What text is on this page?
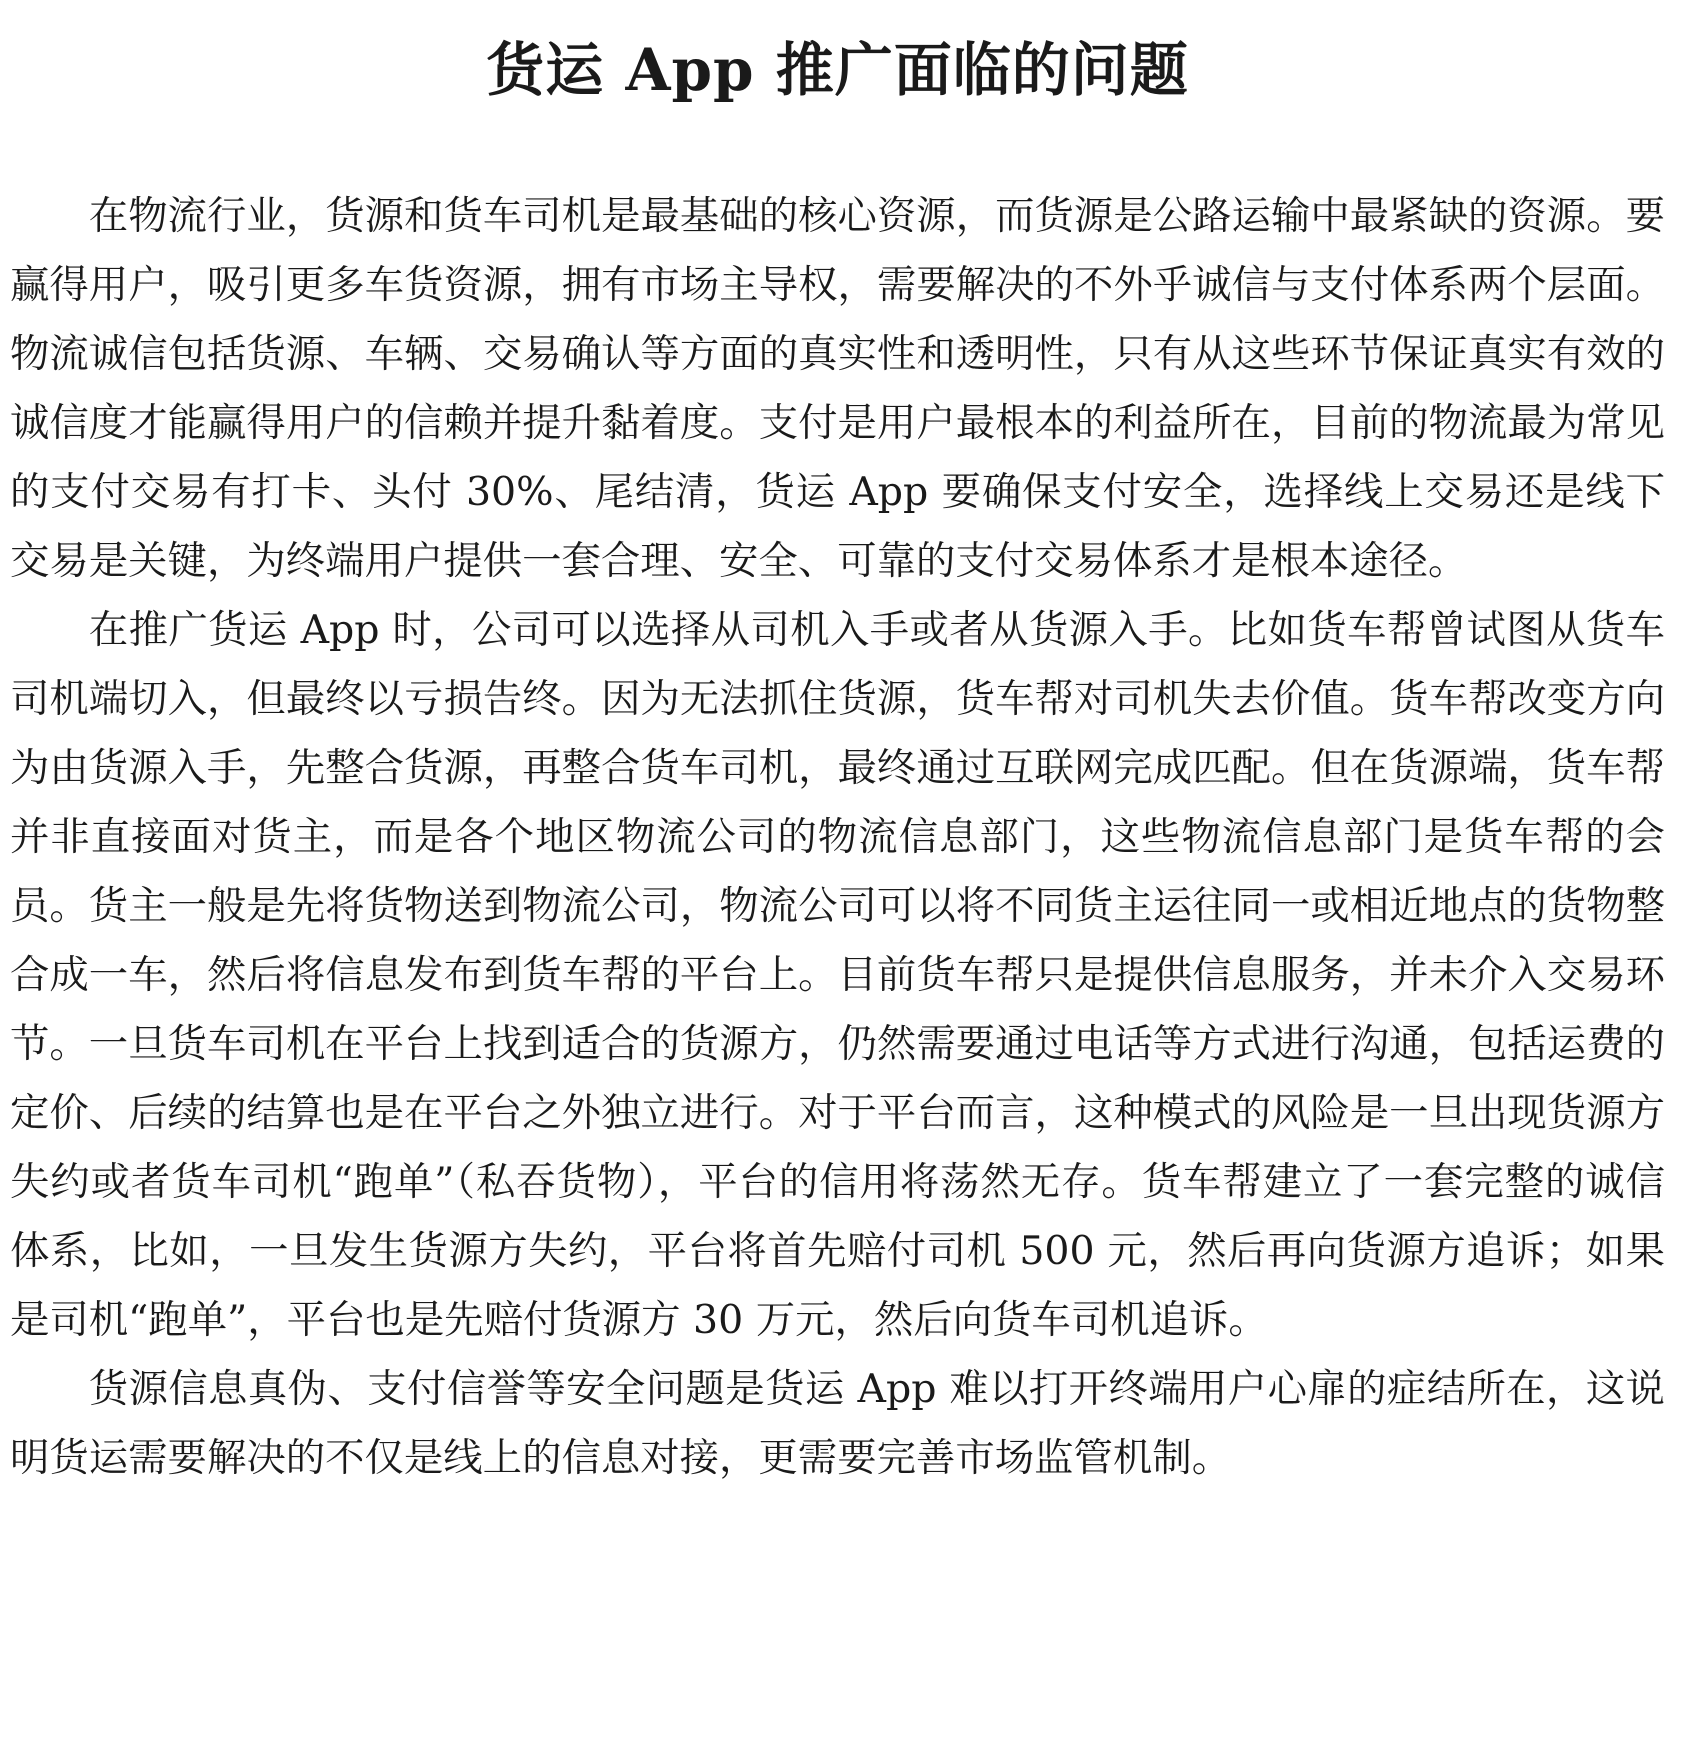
货运 App 推广面临的问题

在物流行业，货源和货车司机是最基础的核心资源，而货源是公路运输中最紧缺的资源。要赢得用户，吸引更多车货资源，拥有市场主导权，需要解决的不外乎诚信与支付体系两个层面。物流诚信包括货源、车辆、交易确认等方面的真实性和透明性，只有从这些环节保证真实有效的诚信度才能赢得用户的信赖并提升黏着度。支付是用户最根本的利益所在，目前的物流最为常见的支付交易有打卡、头付 30%、尾结清，货运 App 要确保支付安全，选择线上交易还是线下交易是关键，为终端用户提供一套合理、安全、可靠的支付交易体系才是根本途径。

在推广货运 App 时，公司可以选择从司机入手或者从货源入手。比如货车帮曾试图从货车司机端切入，但最终以亏损告终。因为无法抓住货源，货车帮对司机失去价值。货车帮改变方向为由货源入手，先整合货源，再整合货车司机，最终通过互联网完成匹配。但在货源端，货车帮并非直接面对货主，而是各个地区物流公司的物流信息部门，这些物流信息部门是货车帮的会员。货主一般是先将货物送到物流公司，物流公司可以将不同货主运往同一或相近地点的货物整合成一车，然后将信息发布到货车帮的平台上。目前货车帮只是提供信息服务，并未介入交易环节。一旦货车司机在平台上找到适合的货源方，仍然需要通过电话等方式进行沟通，包括运费的定价、后续的结算也是在平台之外独立进行。对于平台而言，这种模式的风险是一旦出现货源方失约或者货车司机“跑单”（私吞货物），平台的信用将荡然无存。货车帮建立了一套完整的诚信体系，比如，一旦发生货源方失约，平台将首先赔付司机 500 元，然后再向货源方追诉；如果是司机“跑单”，平台也是先赔付货源方 30 万元，然后向货车司机追诉。

货源信息真伪、支付信誉等安全问题是货运 App 难以打开终端用户心扉的症结所在，这说明货运需要解决的不仅是线上的信息对接，更需要完善市场监管机制。
